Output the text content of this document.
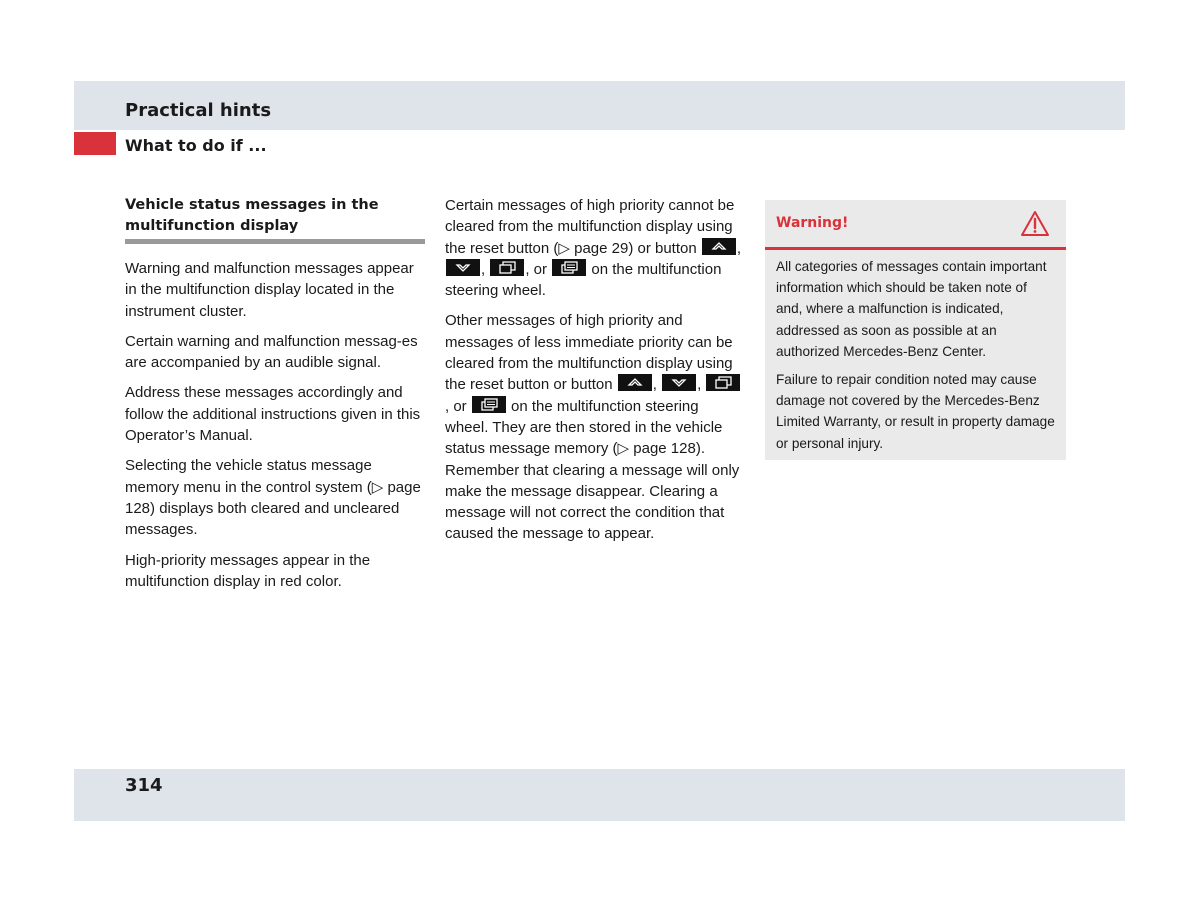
Practical hints
What to do if ...
Vehicle status messages in the multifunction display

Warning and malfunction messages appear in the multifunction display located in the instrument cluster.

Certain warning and malfunction messag-es are accompanied by an audible signal.

Address these messages accordingly and follow the additional instructions given in this Operator’s Manual.

Selecting the vehicle status message memory menu in the control system (▷ page 128) displays both cleared and uncleared messages.

High-priority messages appear in the multifunction display in red color.

Certain messages of high priority cannot be cleared from the multifunction display using the reset button (▷ page 29) or button
,
,
, or
on the multifunction steering wheel.

Other messages of high priority and messages of less immediate priority can be cleared from the multifunction display using the reset button or button
,
,
, or
on the multifunction steering wheel. They are then stored in the vehicle status message memory (▷ page 128). Remember that clearing a message will only make the message disappear. Clearing a message will not correct the condition that caused the message to appear.

Warning!

All categories of messages contain important information which should be taken note of and, where a malfunction is indicated, addressed as soon as possible at an authorized Mercedes-Benz Center.

Failure to repair condition noted may cause damage not covered by the Mercedes-Benz Limited Warranty, or result in property damage or personal injury.

314
